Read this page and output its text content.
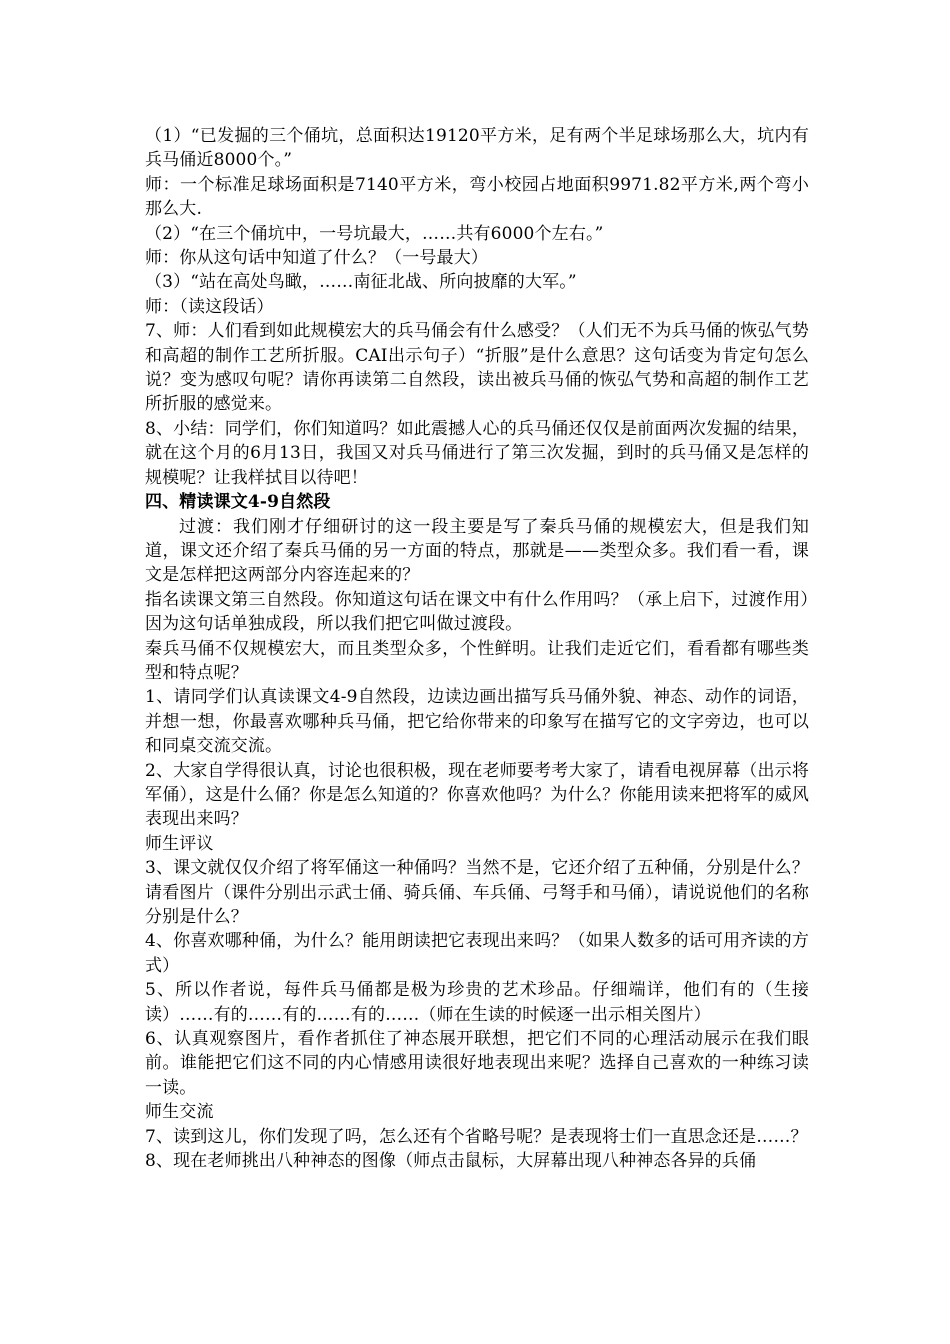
（1）“已发掘的三个俑坑，总面积达19120平方米，足有两个半足球场那么大，坑内有兵马俑近8000个。”

师：一个标准足球场面积是7140平方米，弯小校园占地面积9971.82平方米,两个弯小那么大.

（2）“在三个俑坑中，一号坑最大，……共有6000个左右。”

师：你从这句话中知道了什么？（一号最大）

（3）“站在高处鸟瞰，……南征北战、所向披靡的大军。”

师：（读这段话）

7、师：人们看到如此规模宏大的兵马俑会有什么感受？（人们无不为兵马俑的恢弘气势和高超的制作工艺所折服。CAI出示句子）“折服”是什么意思？这句话变为肯定句怎么说？变为感叹句呢？请你再读第二自然段，读出被兵马俑的恢弘气势和高超的制作工艺所折服的感觉来。

8、小结：同学们，你们知道吗？如此震撼人心的兵马俑还仅仅是前面两次发掘的结果，就在这个月的6月13日，我国又对兵马俑进行了第三次发掘，到时的兵马俑又是怎样的规模呢？让我样拭目以待吧！

四、精读课文4-9自然段

过渡：我们刚才仔细研讨的这一段主要是写了秦兵马俑的规模宏大，但是我们知道，课文还介绍了秦兵马俑的另一方面的特点，那就是——类型众多。我们看一看，课文是怎样把这两部分内容连起来的？

指名读课文第三自然段。你知道这句话在课文中有什么作用吗？（承上启下，过渡作用）因为这句话单独成段，所以我们把它叫做过渡段。

秦兵马俑不仅规模宏大，而且类型众多，个性鲜明。让我们走近它们，看看都有哪些类型和特点呢？

1、请同学们认真读课文4-9自然段，边读边画出描写兵马俑外貌、神态、动作的词语，并想一想，你最喜欢哪种兵马俑，把它给你带来的印象写在描写它的文字旁边，也可以和同桌交流交流。

2、大家自学得很认真，讨论也很积极，现在老师要考考大家了，请看电视屏幕（出示将军俑），这是什么俑？你是怎么知道的？你喜欢他吗？为什么？你能用读来把将军的威风表现出来吗？

师生评议

3、课文就仅仅介绍了将军俑这一种俑吗？当然不是，它还介绍了五种俑，分别是什么？请看图片（课件分别出示武士俑、骑兵俑、车兵俑、弓弩手和马俑），请说说他们的名称分别是什么？

4、你喜欢哪种俑，为什么？能用朗读把它表现出来吗？（如果人数多的话可用齐读的方式）

5、所以作者说，每件兵马俑都是极为珍贵的艺术珍品。仔细端详，他们有的（生接读）……有的……有的……有的……（师在生读的时候逐一出示相关图片）

6、认真观察图片，看作者抓住了神态展开联想，把它们不同的心理活动展示在我们眼前。谁能把它们这不同的内心情感用读很好地表现出来呢？选择自己喜欢的一种练习读一读。

师生交流

7、读到这儿，你们发现了吗，怎么还有个省略号呢？是表现将士们一直思念还是……？

8、现在老师挑出八种神态的图像（师点击鼠标，大屏幕出现八种神态各异的兵俑
